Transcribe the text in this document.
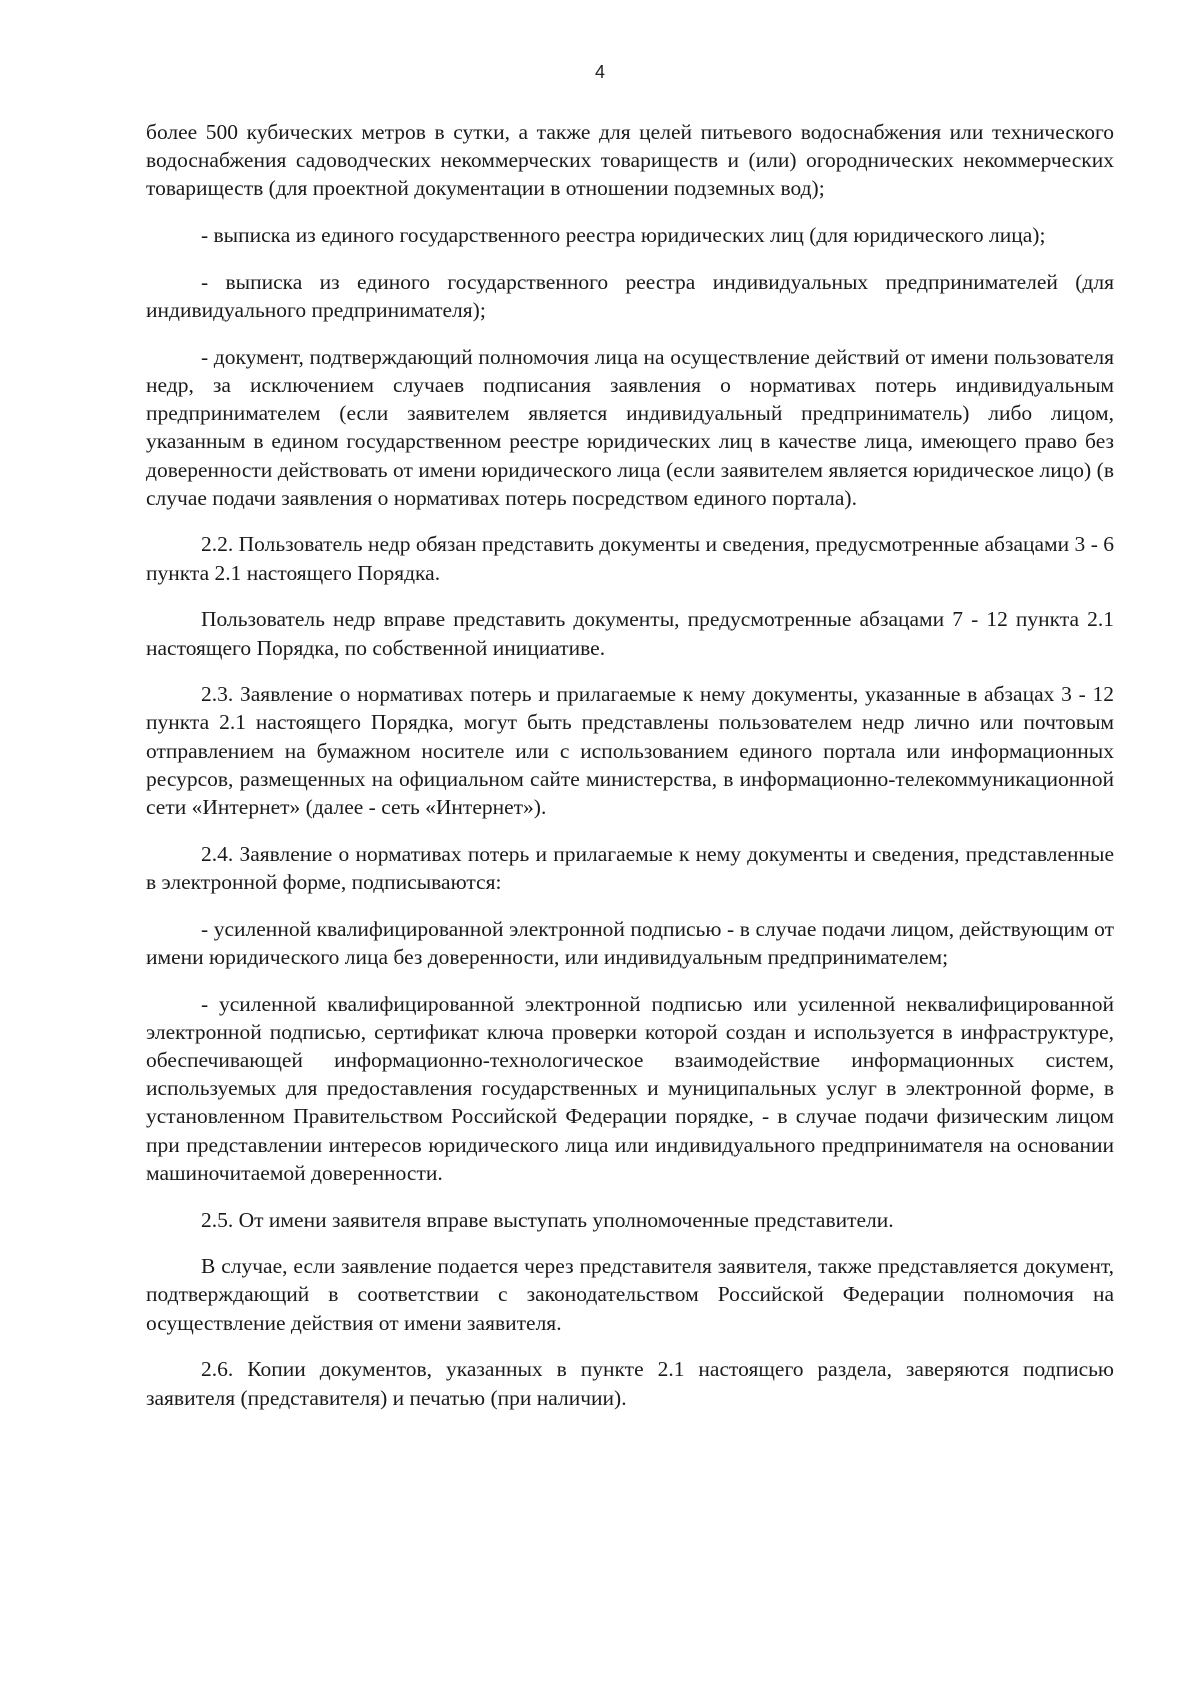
4

более 500 кубических метров в сутки, а также для целей питьевого водоснабжения или технического водоснабжения садоводческих некоммерческих товариществ и (или) огороднических некоммерческих товариществ (для проектной документации в отношении подземных вод);

- выписка из единого государственного реестра юридических лиц (для юридического лица);

- выписка из единого государственного реестра индивидуальных предпринимателей (для индивидуального предпринимателя);

- документ, подтверждающий полномочия лица на осуществление действий от имени пользователя недр, за исключением случаев подписания заявления о нормативах потерь индивидуальным предпринимателем (если заявителем является индивидуальный предприниматель) либо лицом, указанным в едином государственном реестре юридических лиц в качестве лица, имеющего право без доверенности действовать от имени юридического лица (если заявителем является юридическое лицо) (в случае подачи заявления о нормативах потерь посредством единого портала).

2.2. Пользователь недр обязан представить документы и сведения, предусмотренные абзацами 3 - 6 пункта 2.1 настоящего Порядка.

Пользователь недр вправе представить документы, предусмотренные абзацами 7 - 12 пункта 2.1 настоящего Порядка, по собственной инициативе.

2.3. Заявление о нормативах потерь и прилагаемые к нему документы, указанные в абзацах 3 - 12 пункта 2.1 настоящего Порядка, могут быть представлены пользователем недр лично или почтовым отправлением на бумажном носителе или с использованием единого портала или информационных ресурсов, размещенных на официальном сайте министерства, в информационно-телекоммуникационной сети «Интернет» (далее - сеть «Интернет»).

2.4. Заявление о нормативах потерь и прилагаемые к нему документы и сведения, представленные в электронной форме, подписываются:

- усиленной квалифицированной электронной подписью - в случае подачи лицом, действующим от имени юридического лица без доверенности, или индивидуальным предпринимателем;

- усиленной квалифицированной электронной подписью или усиленной неквалифицированной электронной подписью, сертификат ключа проверки которой создан и используется в инфраструктуре, обеспечивающей информационно-технологическое взаимодействие информационных систем, используемых для предоставления государственных и муниципальных услуг в электронной форме, в установленном Правительством Российской Федерации порядке, - в случае подачи физическим лицом при представлении интересов юридического лица или индивидуального предпринимателя на основании машиночитаемой доверенности.

2.5. От имени заявителя вправе выступать уполномоченные представители.

В случае, если заявление подается через представителя заявителя, также представляется документ, подтверждающий в соответствии с законодательством Российской Федерации полномочия на осуществление действия от имени заявителя.

2.6. Копии документов, указанных в пункте 2.1 настоящего раздела, заверяются подписью заявителя (представителя) и печатью (при наличии).
